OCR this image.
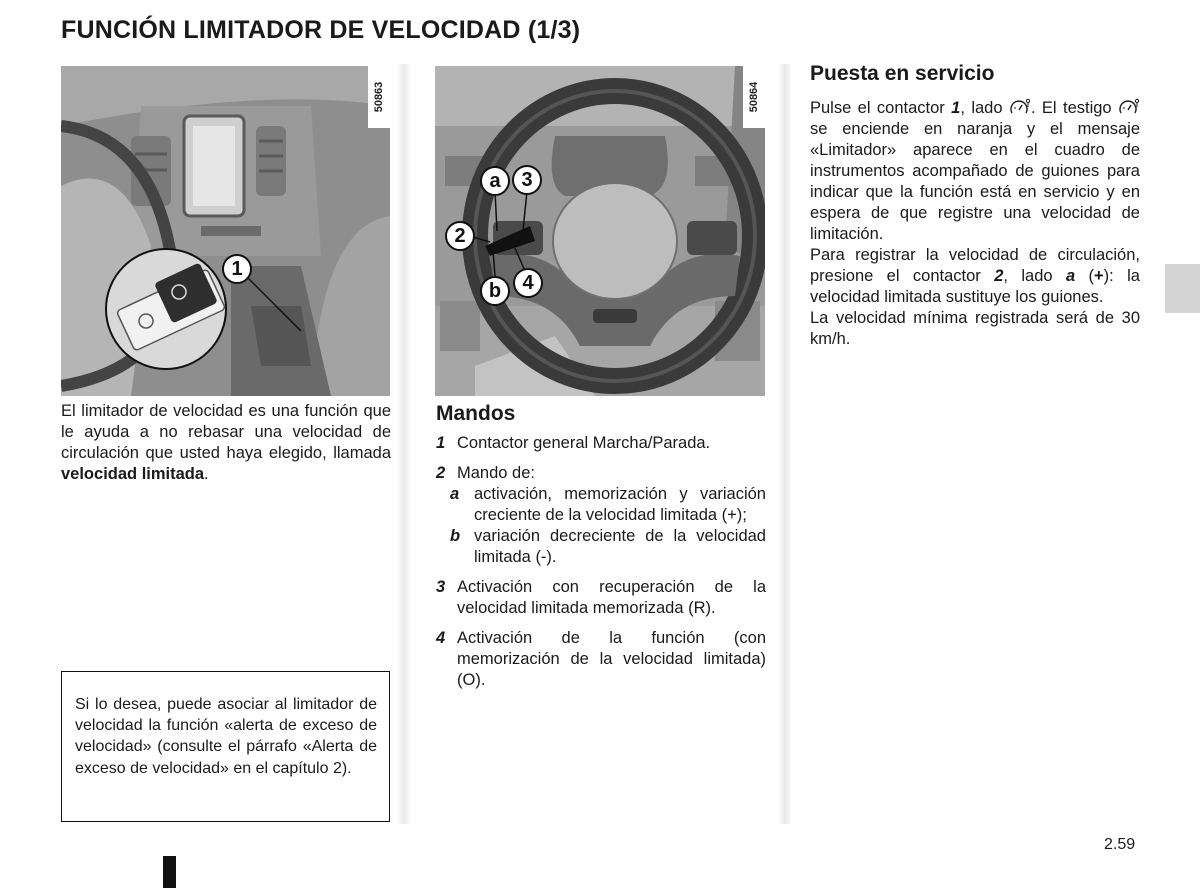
FUNCIÓN LIMITADOR DE VELOCIDAD (1/3)
50863
1
50864
a	3
2
b	4

El limitador de velocidad es una función que le ayuda a no rebasar una velocidad de circulación que usted haya elegido, llamada velocidad limitada.

Si lo desea, puede asociar al limitador de velocidad la función «alerta de exceso de velocidad» (consulte el párrafo «Alerta de exceso de velocidad» en el capítulo 2).

Mandos
1 Contactor general Marcha/Parada.
2 Mando de:
a activación, memorización y variación creciente de la velocidad limitada (+);
b variación decreciente de la velocidad limitada (-).
3 Activación con recuperación de la velocidad limitada memorizada (R).
4 Activación de la función (con memorización de la velocidad limitada) (O).
Puesta en servicio

Pulse el contactor 1, lado . El testigo  se enciende en naranja y el mensaje «Limitador» aparece en el cuadro de instrumentos acompañado de guiones para indicar que la función está en servicio y en espera de que registre una velocidad de limitación.

Para registrar la velocidad de circulación, presione el contactor 2, lado a (+): la velocidad limitada sustituye los guiones.

La velocidad mínima registrada será de 30 km/h.

2.59
